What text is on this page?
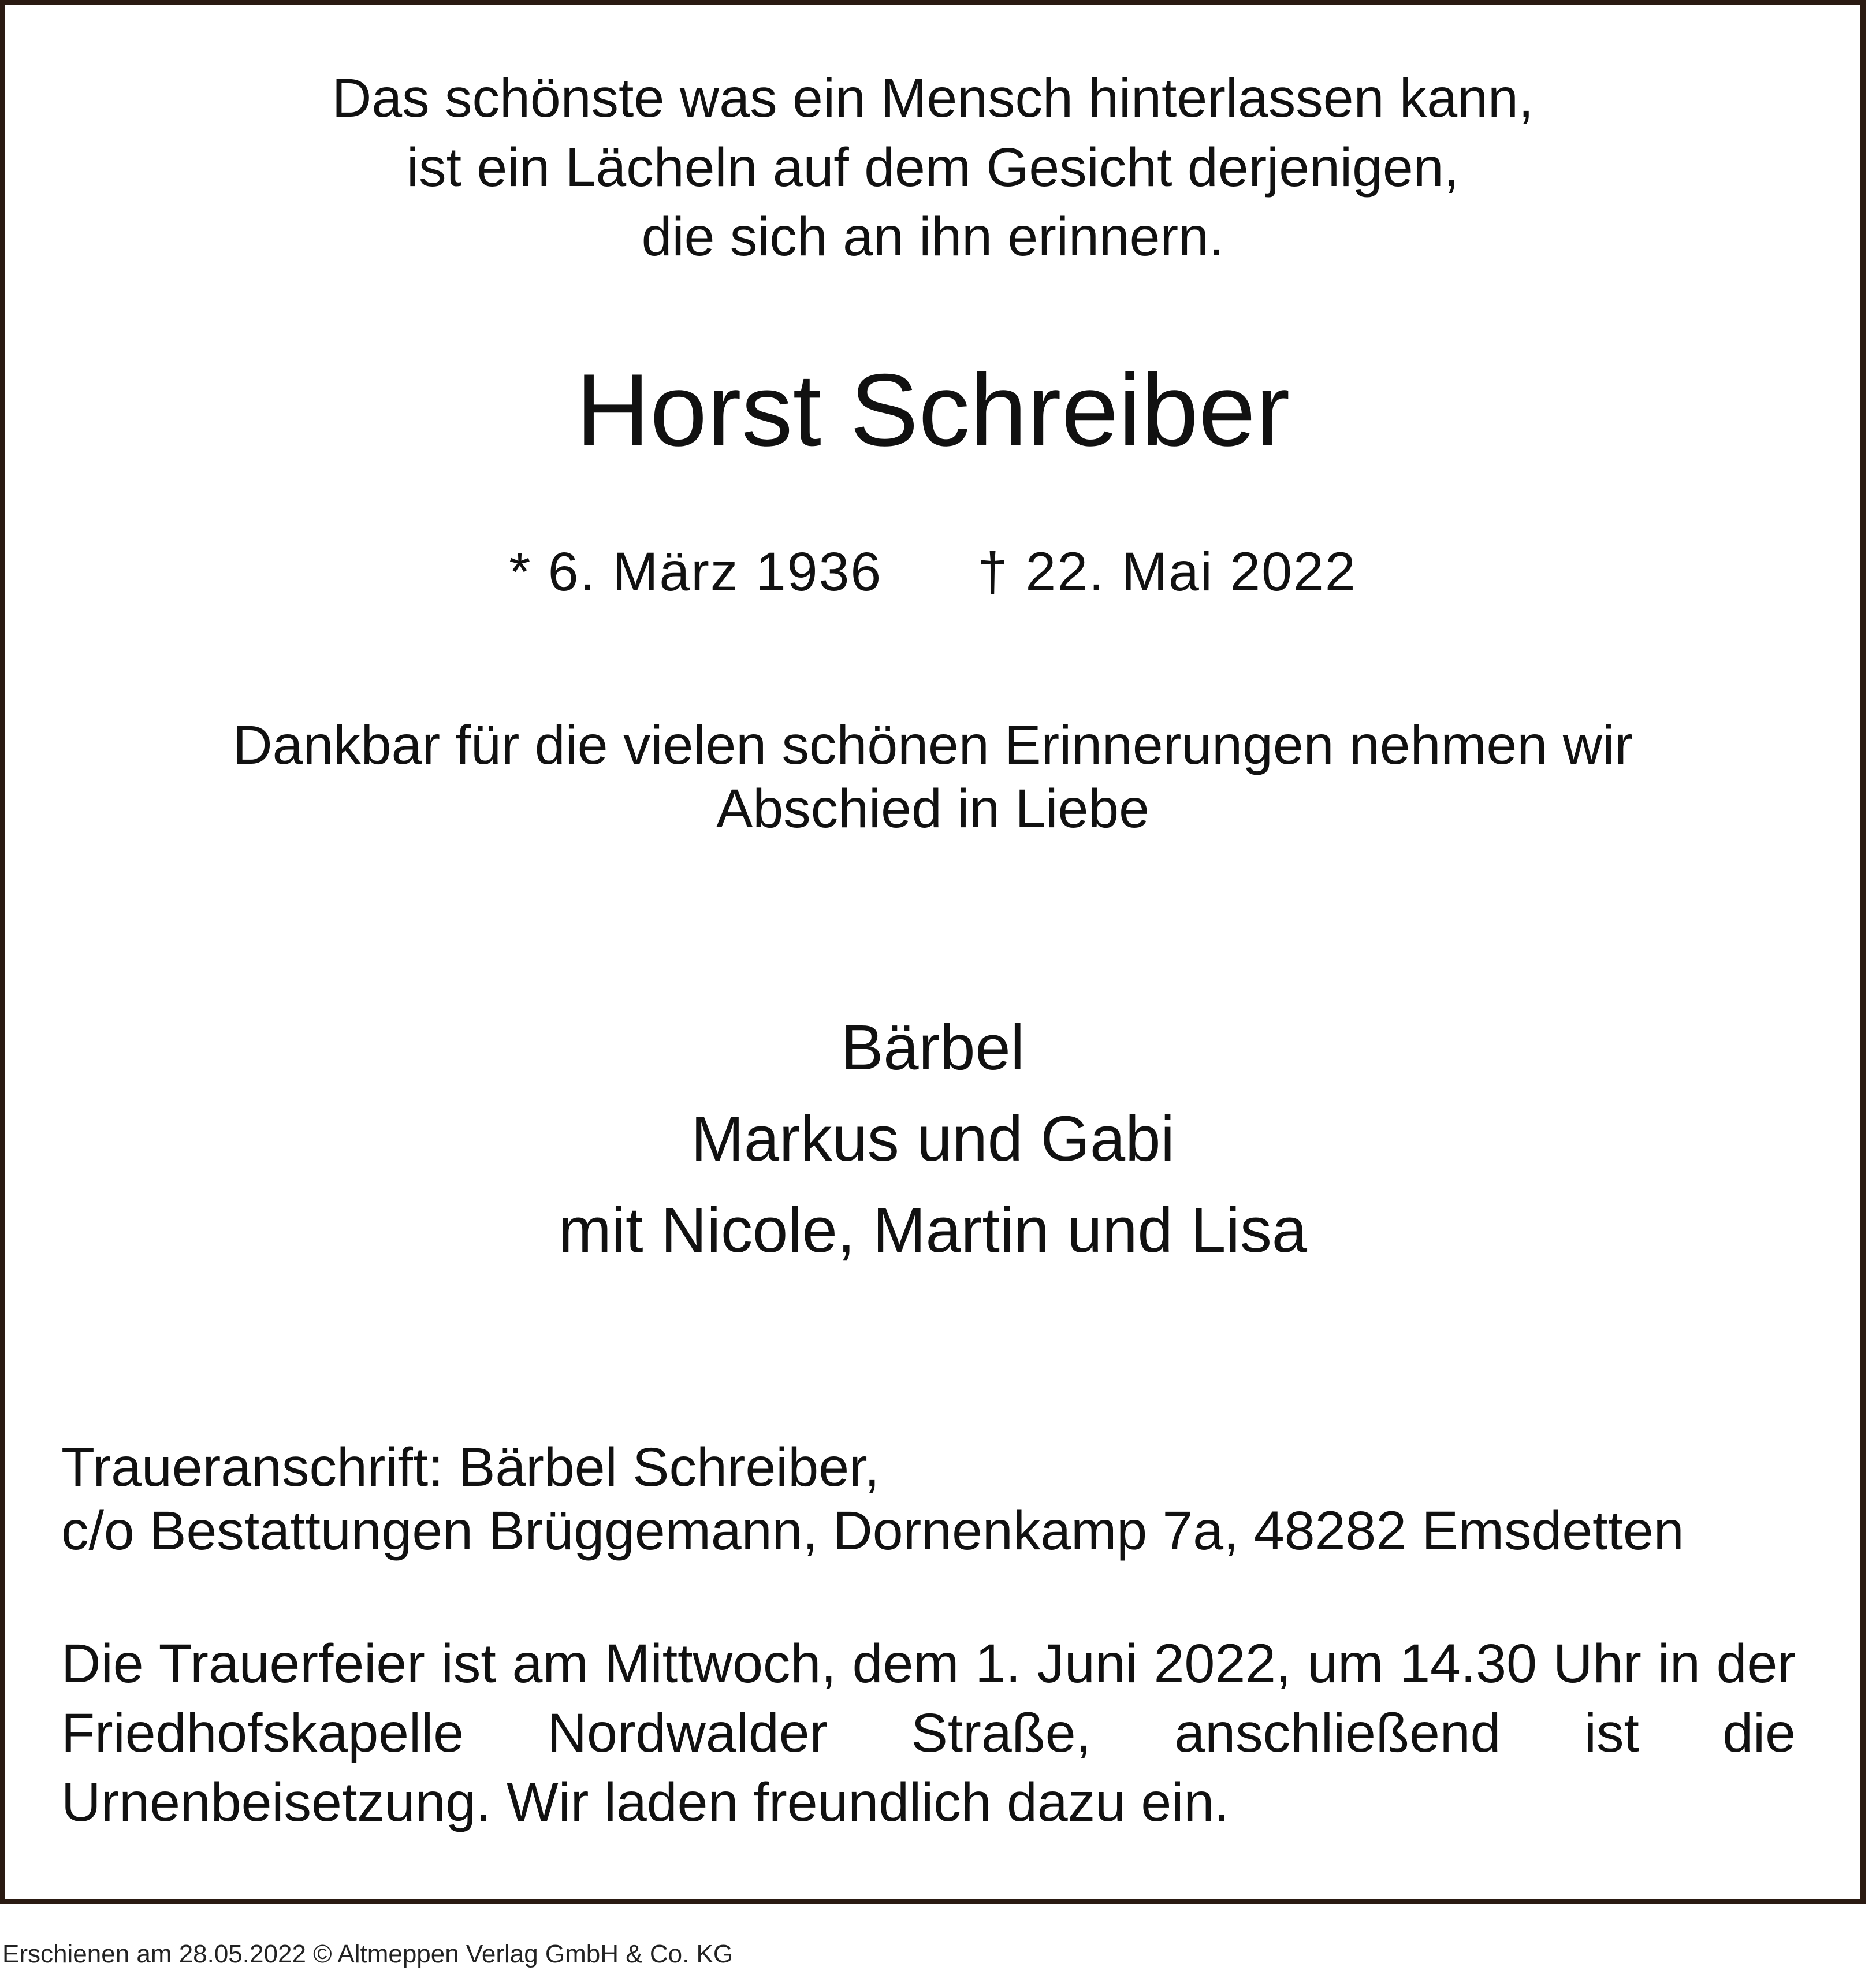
Das schönste was ein Mensch hinterlassen kann,
ist ein Lächeln auf dem Gesicht derjenigen,
die sich an ihn erinnern.
Horst Schreiber
* 6. März 1936 † 22. Mai 2022
Dankbar für die vielen schönen Erinnerungen nehmen wir
Abschied in Liebe
Bärbel
Markus und Gabi
mit Nicole, Martin und Lisa
Traueranschrift: Bärbel Schreiber,
c/o Bestattungen Brüggemann, Dornenkamp 7a, 48282 Emsdetten
Die Trauerfeier ist am Mittwoch, dem 1. Juni 2022, um 14.30 Uhr in der Friedhofskapelle Nordwalder Straße, anschließend ist die Urnenbeisetzung. Wir laden freundlich dazu ein.
Erschienen am 28.05.2022 © Altmeppen Verlag GmbH & Co. KG
